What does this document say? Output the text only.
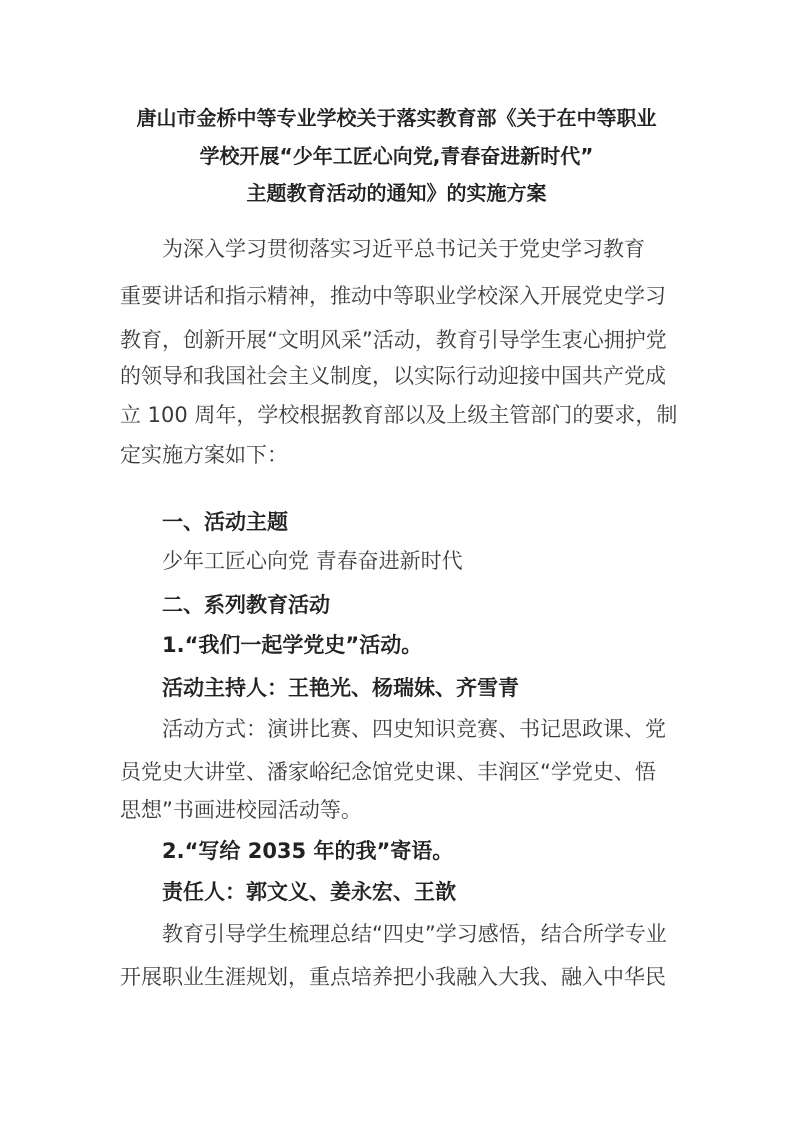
唐山市金桥中等专业学校关于落实教育部《关于在中等职业
学校开展“少年工匠心向党,青春奋进新时代”
主题教育活动的通知》的实施方案
为深入学习贯彻落实习近平总书记关于党史学习教育
重要讲话和指示精神，推动中等职业学校深入开展党史学习
教育，创新开展“文明风采”活动，教育引导学生衷心拥护党
的领导和我国社会主义制度，以实际行动迎接中国共产党成
立 100 周年，学校根据教育部以及上级主管部门的要求，制
定实施方案如下：
一、活动主题
少年工匠心向党 青春奋进新时代
二、系列教育活动
1.“我们一起学党史”活动。
活动主持人：王艳光、杨瑞妹、齐雪青
活动方式：演讲比赛、四史知识竞赛、书记思政课、党
员党史大讲堂、潘家峪纪念馆党史课、丰润区“学党史、悟
思想”书画进校园活动等。
2.“写给 2035 年的我”寄语。
责任人：郭文义、姜永宏、王歆
教育引导学生梳理总结“四史”学习感悟，结合所学专业
开展职业生涯规划，重点培养把小我融入大我、融入中华民
